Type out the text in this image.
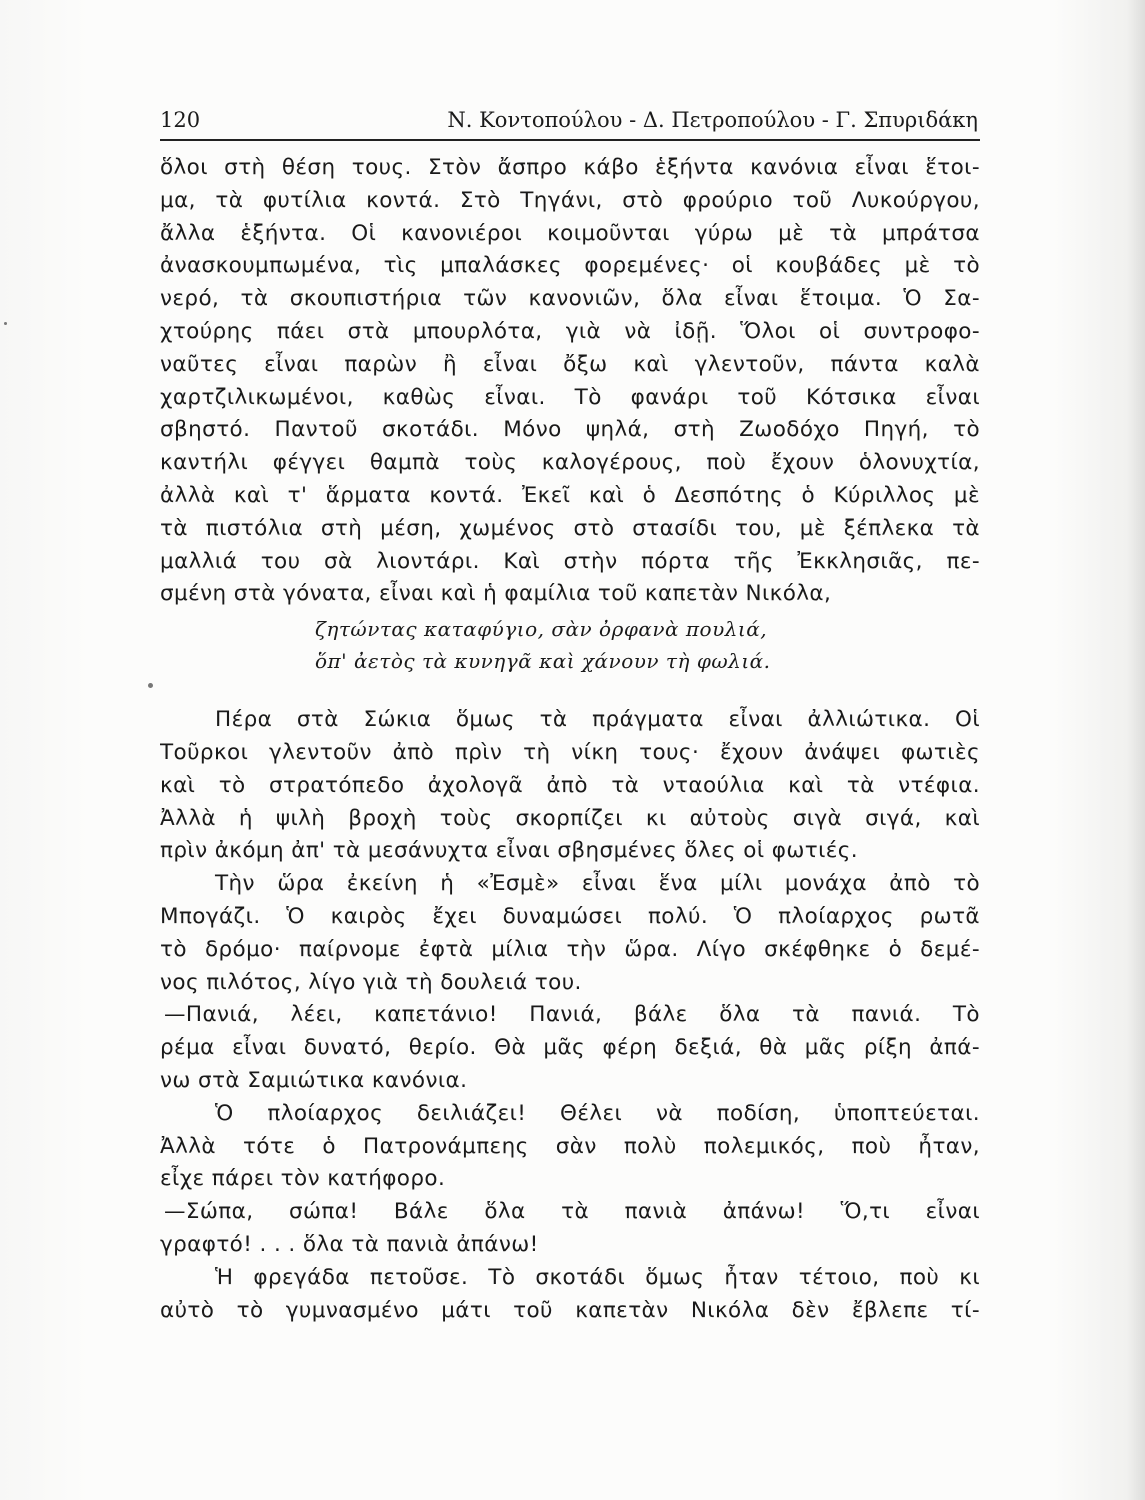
120	Ν. Κοντοπούλου - Δ. Πετροπούλου - Γ. Σπυριδάκη
ὅλοι στὴ θέση τους. Στὸν ἄσπρο κάβο ἑξήντα κανόνια εἶναι ἕτοι-
μα, τὰ φυτίλια κοντά. Στὸ Τηγάνι, στὸ φρούριο τοῦ Λυκούργου,
ἄλλα ἑξήντα. Οἱ κανονιέροι κοιμοῦνται γύρω μὲ τὰ μπράτσα
ἀνασκουμπωμένα, τὶς μπαλάσκες φορεμένες· οἱ κουβάδες μὲ τὸ
νερό, τὰ σκουπιστήρια τῶν κανονιῶν, ὅλα εἶναι ἕτοιμα. Ὁ Σα-
χτούρης πάει στὰ μπουρλότα, γιὰ νὰ ἰδῇ. Ὅλοι οἱ συντροφο-
ναῦτες εἶναι παρὼν ἢ εἶναι ὄξω καὶ γλεντοῦν, πάντα καλὰ
χαρτζιλικωμένοι, καθὼς εἶναι. Τὸ φανάρι τοῦ Κότσικα εἶναι
σβηστό. Παντοῦ σκοτάδι. Μόνο ψηλά, στὴ Ζωοδόχο Πηγή, τὸ
καντήλι φέγγει θαμπὰ τοὺς καλογέρους, ποὺ ἔχουν ὁλονυχτία,
ἀλλὰ καὶ τ' ἅρματα κοντά. Ἐκεῖ καὶ ὁ Δεσπότης ὁ Κύριλλος μὲ
τὰ πιστόλια στὴ μέση, χωμένος στὸ στασίδι του, μὲ ξέπλεκα τὰ
μαλλιά του σὰ λιοντάρι. Καὶ στὴν πόρτα τῆς Ἐκκλησιᾶς, πε-
σμένη στὰ γόνατα, εἶναι καὶ ἡ φαμίλια τοῦ καπετὰν Νικόλα,
ζητώντας καταφύγιο, σὰν ὀρφανὰ πουλιά,
ὅπ' ἀετὸς τὰ κυνηγᾶ καὶ χάνουν τὴ φωλιά.
Πέρα στὰ Σώκια ὅμως τὰ πράγματα εἶναι ἀλλιώτικα. Οἱ
Τοῦρκοι γλεντοῦν ἀπὸ πρὶν τὴ νίκη τους· ἔχουν ἀνάψει φωτιὲς
καὶ τὸ στρατόπεδο ἀχολογᾶ ἀπὸ τὰ νταούλια καὶ τὰ ντέφια.
Ἀλλὰ ἡ ψιλὴ βροχὴ τοὺς σκορπίζει κι αὐτοὺς σιγὰ σιγά, καὶ
πρὶν ἀκόμη ἀπ' τὰ μεσάνυχτα εἶναι σβησμένες ὅλες οἱ φωτιές.
Τὴν ὥρα ἐκείνη ἡ «Ἐσμὲ» εἶναι ἕνα μίλι μονάχα ἀπὸ τὸ
Μπογάζι. Ὁ καιρὸς ἔχει δυναμώσει πολύ. Ὁ πλοίαρχος ρωτᾶ
τὸ δρόμο· παίρνομε ἐφτὰ μίλια τὴν ὥρα. Λίγο σκέφθηκε ὁ δεμέ-
νος πιλότος, λίγο γιὰ τὴ δουλειά του.
—Πανιά, λέει, καπετάνιο! Πανιά, βάλε ὅλα τὰ πανιά. Τὸ
ρέμα εἶναι δυνατό, θερίο. Θὰ μᾶς φέρη δεξιά, θὰ μᾶς ρίξη ἀπά-
νω στὰ Σαμιώτικα κανόνια.
Ὁ πλοίαρχος δειλιάζει! Θέλει νὰ ποδίση, ὑποπτεύεται.
Ἀλλὰ τότε ὁ Πατρονάμπεης σὰν πολὺ πολεμικός, ποὺ ἦταν,
εἶχε πάρει τὸν κατήφορο.
—Σώπα, σώπα! Βάλε ὅλα τὰ πανιὰ ἀπάνω! Ὅ,τι εἶναι
γραφτό! . . . ὅλα τὰ πανιὰ ἀπάνω!
Ἡ φρεγάδα πετοῦσε. Τὸ σκοτάδι ὅμως ἦταν τέτοιο, ποὺ κι
αὐτὸ τὸ γυμνασμένο μάτι τοῦ καπετὰν Νικόλα δὲν ἔβλεπε τί-
